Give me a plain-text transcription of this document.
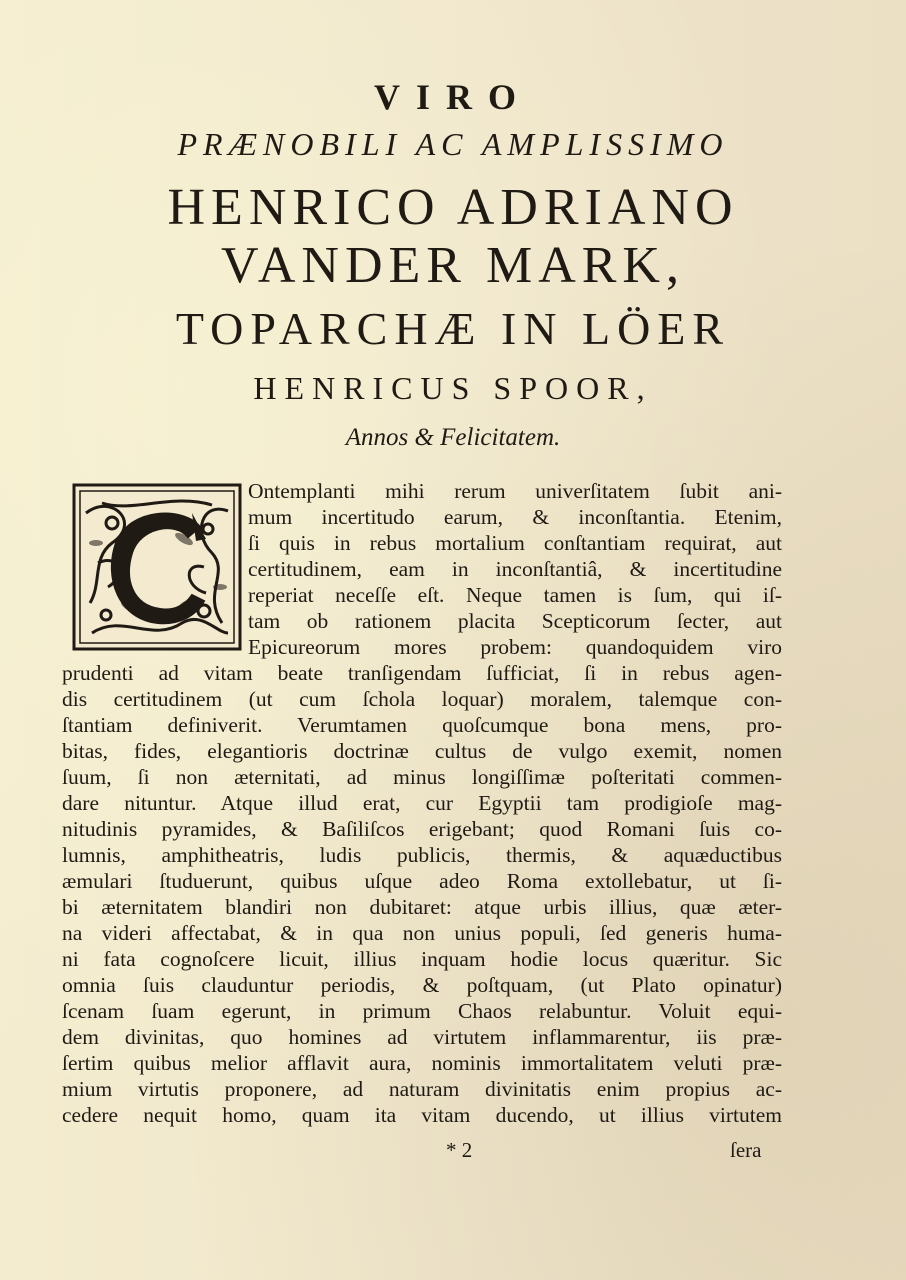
VIRO
PRÆNOBILI AC AMPLISSIMO
HENRICO ADRIANO
VANDER MARK,
TOPARCHÆ IN LÖER
HENRICUS SPOOR,
Annos & Felicitatem.
Ontemplanti mihi rerum univerſitatem ſubit ani-
mum incertitudo earum, & inconſtantia. Etenim,
ſi quis in rebus mortalium conſtantiam requirat, aut
certitudinem, eam in inconſtantiâ, & incertitudine
reperiat neceſſe eſt. Neque tamen is ſum, qui iſ-
tam ob rationem placita Scepticorum ſecter, aut
Epicureorum mores probem: quandoquidem viro
prudenti ad vitam beate tranſigendam ſufficiat, ſi in rebus agen-
dis certitudinem (ut cum ſchola loquar) moralem, talemque con-
ſtantiam definiverit. Verumtamen quoſcumque bona mens, pro-
bitas, fides, elegantioris doctrinæ cultus de vulgo exemit, nomen
ſuum, ſi non æternitati, ad minus longiſſimæ poſteritati commen-
dare nituntur. Atque illud erat, cur Egyptii tam prodigioſe mag-
nitudinis pyramides, & Baſiliſcos erigebant; quod Romani ſuis co-
lumnis, amphitheatris, ludis publicis, thermis, & aquæductibus
æmulari ſtuduerunt, quibus uſque adeo Roma extollebatur, ut ſi-
bi æternitatem blandiri non dubitaret: atque urbis illius, quæ æter-
na videri affectabat, & in qua non unius populi, ſed generis huma-
ni fata cognoſcere licuit, illius inquam hodie locus quæritur. Sic
omnia ſuis clauduntur periodis, & poſtquam, (ut Plato opinatur)
ſcenam ſuam egerunt, in primum Chaos relabuntur. Voluit equi-
dem divinitas, quo homines ad virtutem inflammarentur, iis præ-
ſertim quibus melior afflavit aura, nominis immortalitatem veluti præ-
mium virtutis proponere, ad naturam divinitatis enim propius ac-
cedere nequit homo, quam ita vitam ducendo, ut illius virtutem
* 2	ſera
